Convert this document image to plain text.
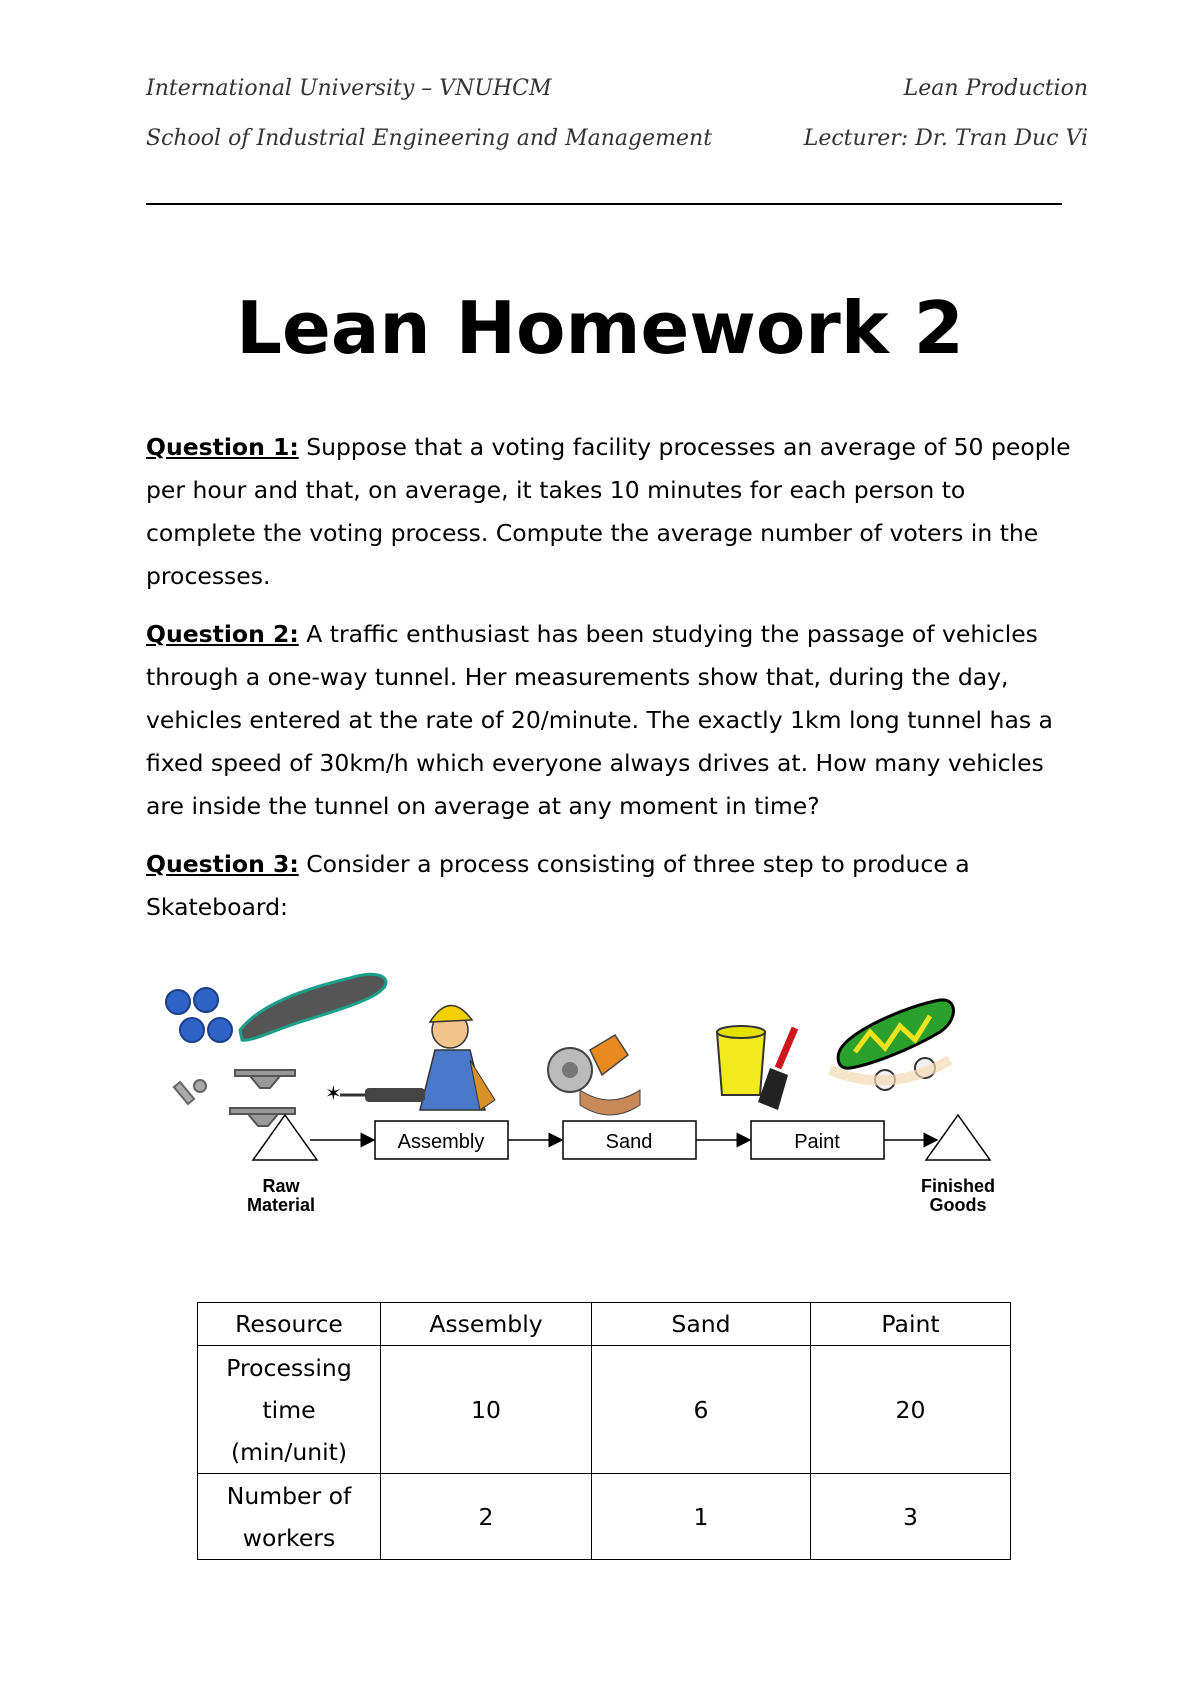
International University – VNUHCM
School of Industrial Engineering and Management
Lean Production
Lecturer: Dr. Tran Duc Vi
Lean Homework 2
Question 1: Suppose that a voting facility processes an average of 50 people per hour and that, on average, it takes 10 minutes for each person to complete the voting process. Compute the average number of voters in the processes.
Question 2: A traffic enthusiast has been studying the passage of vehicles through a one-way tunnel. Her measurements show that, during the day, vehicles entered at the rate of 20/minute. The exactly 1km long tunnel has a fixed speed of 30km/h which everyone always drives at. How many vehicles are inside the tunnel on average at any moment in time?
Question 3: Consider a process consisting of three step to produce a Skateboard:
✶
Assembly	Sand	Paint
Raw
Material
Finished
Goods
Resource	Assembly	Sand	Paint

Processing
time
(min/unit)	10	6	20

Number of
workers	2	1	3
